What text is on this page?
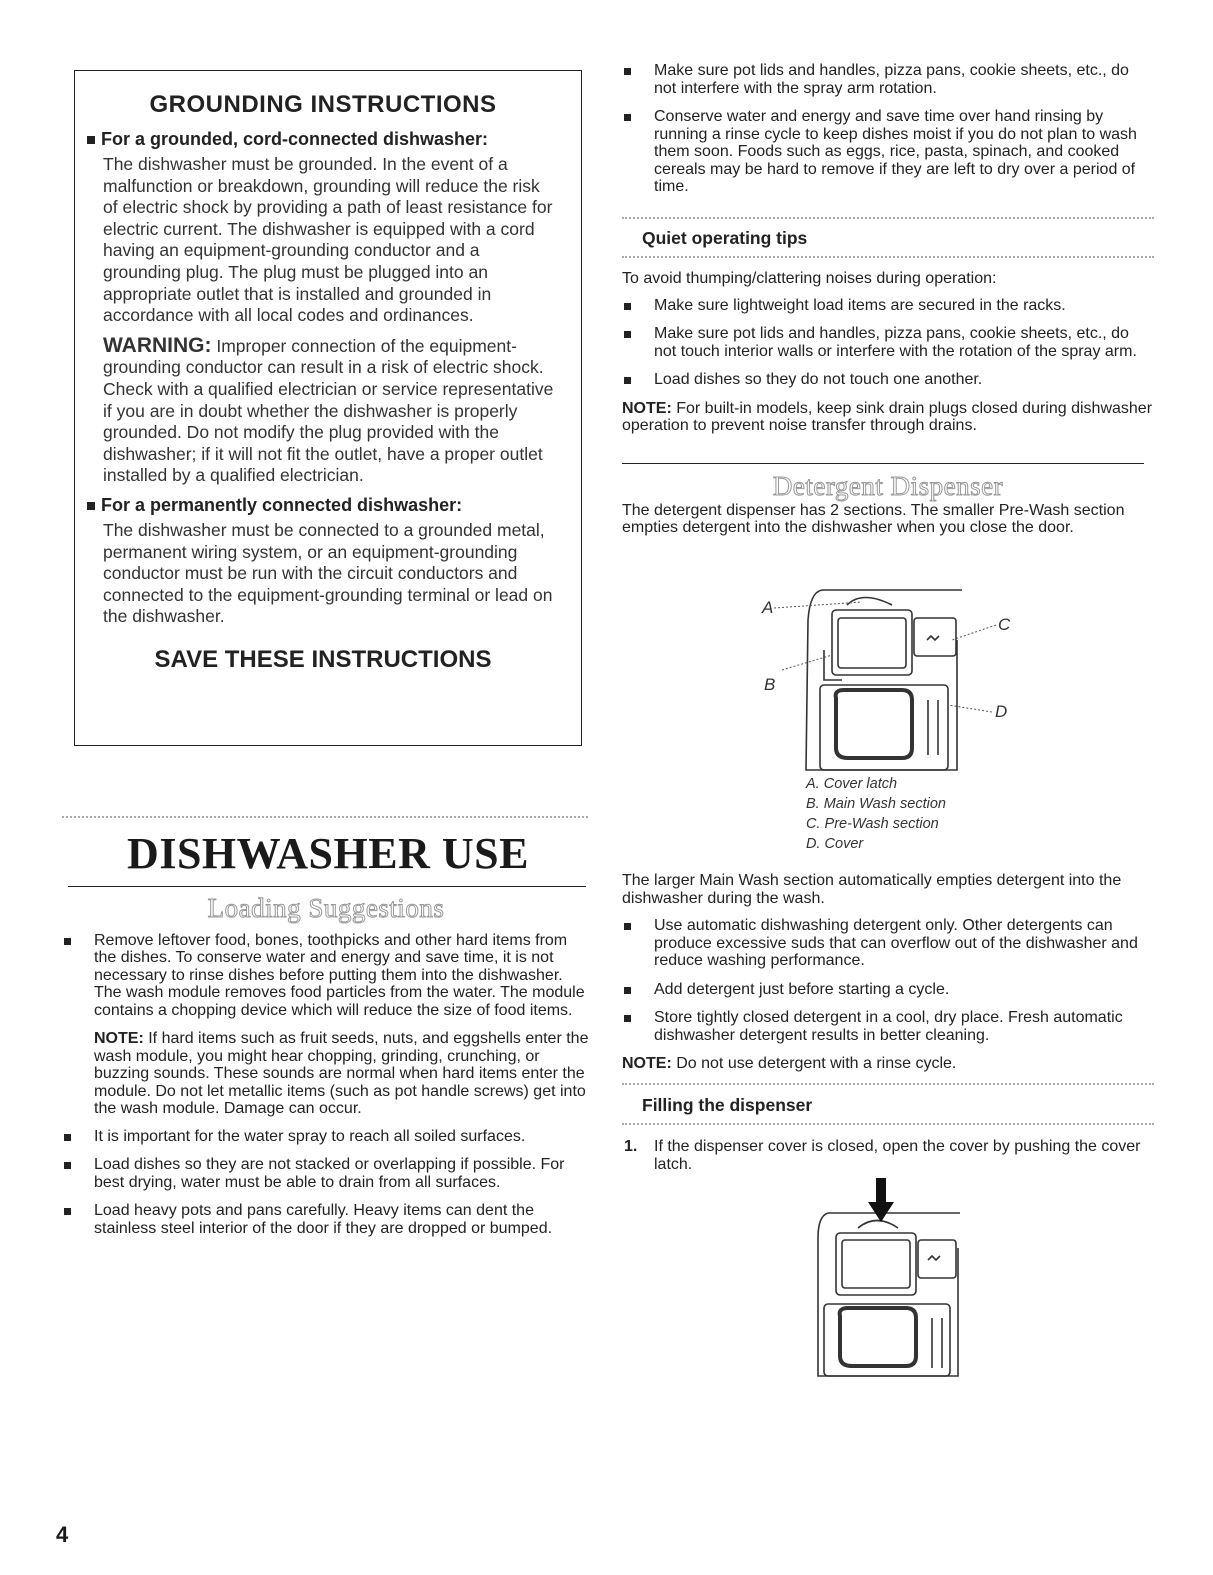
GROUNDING INSTRUCTIONS
For a grounded, cord-connected dishwasher:

The dishwasher must be grounded. In the event of a malfunction or breakdown, grounding will reduce the risk of electric shock by providing a path of least resistance for electric current. The dishwasher is equipped with a cord having an equipment-grounding conductor and a grounding plug. The plug must be plugged into an appropriate outlet that is installed and grounded in accordance with all local codes and ordinances.

WARNING: Improper connection of the equipment-grounding conductor can result in a risk of electric shock. Check with a qualified electrician or service representative if you are in doubt whether the dishwasher is properly grounded. Do not modify the plug provided with the dishwasher; if it will not fit the outlet, have a proper outlet installed by a qualified electrician.

For a permanently connected dishwasher:

The dishwasher must be connected to a grounded metal, permanent wiring system, or an equipment-grounding conductor must be run with the circuit conductors and connected to the equipment-grounding terminal or lead on the dishwasher.

SAVE THESE INSTRUCTIONS
DISHWASHER USE
Loading Suggestions
Remove leftover food, bones, toothpicks and other hard items from the dishes. To conserve water and energy and save time, it is not necessary to rinse dishes before putting them into the dishwasher. The wash module removes food particles from the water. The module contains a chopping device which will reduce the size of food items.
NOTE: If hard items such as fruit seeds, nuts, and eggshells enter the wash module, you might hear chopping, grinding, crunching, or buzzing sounds. These sounds are normal when hard items enter the module. Do not let metallic items (such as pot handle screws) get into the wash module. Damage can occur.
It is important for the water spray to reach all soiled surfaces.
Load dishes so they are not stacked or overlapping if possible. For best drying, water must be able to drain from all surfaces.
Load heavy pots and pans carefully. Heavy items can dent the stainless steel interior of the door if they are dropped or bumped.
Make sure pot lids and handles, pizza pans, cookie sheets, etc., do not interfere with the spray arm rotation.
Conserve water and energy and save time over hand rinsing by running a rinse cycle to keep dishes moist if you do not plan to wash them soon. Foods such as eggs, rice, pasta, spinach, and cooked cereals may be hard to remove if they are left to dry over a period of time.
Quiet operating tips
To avoid thumping/clattering noises during operation:
Make sure lightweight load items are secured in the racks.
Make sure pot lids and handles, pizza pans, cookie sheets, etc., do not touch interior walls or interfere with the rotation of the spray arm.
Load dishes so they do not touch one another.
NOTE: For built-in models, keep sink drain plugs closed during dishwasher operation to prevent noise transfer through drains.
Detergent Dispenser
The detergent dispenser has 2 sections. The smaller Pre-Wash section empties detergent into the dishwasher when you close the door.
A
B
C
D
A. Cover latch
B. Main Wash section
C. Pre-Wash section
D. Cover
The larger Main Wash section automatically empties detergent into the dishwasher during the wash.
Use automatic dishwashing detergent only. Other detergents can produce excessive suds that can overflow out of the dishwasher and reduce washing performance.
Add detergent just before starting a cycle.
Store tightly closed detergent in a cool, dry place. Fresh automatic dishwasher detergent results in better cleaning.
NOTE: Do not use detergent with a rinse cycle.
Filling the dispenser
1. If the dispenser cover is closed, open the cover by pushing the cover latch.
4
